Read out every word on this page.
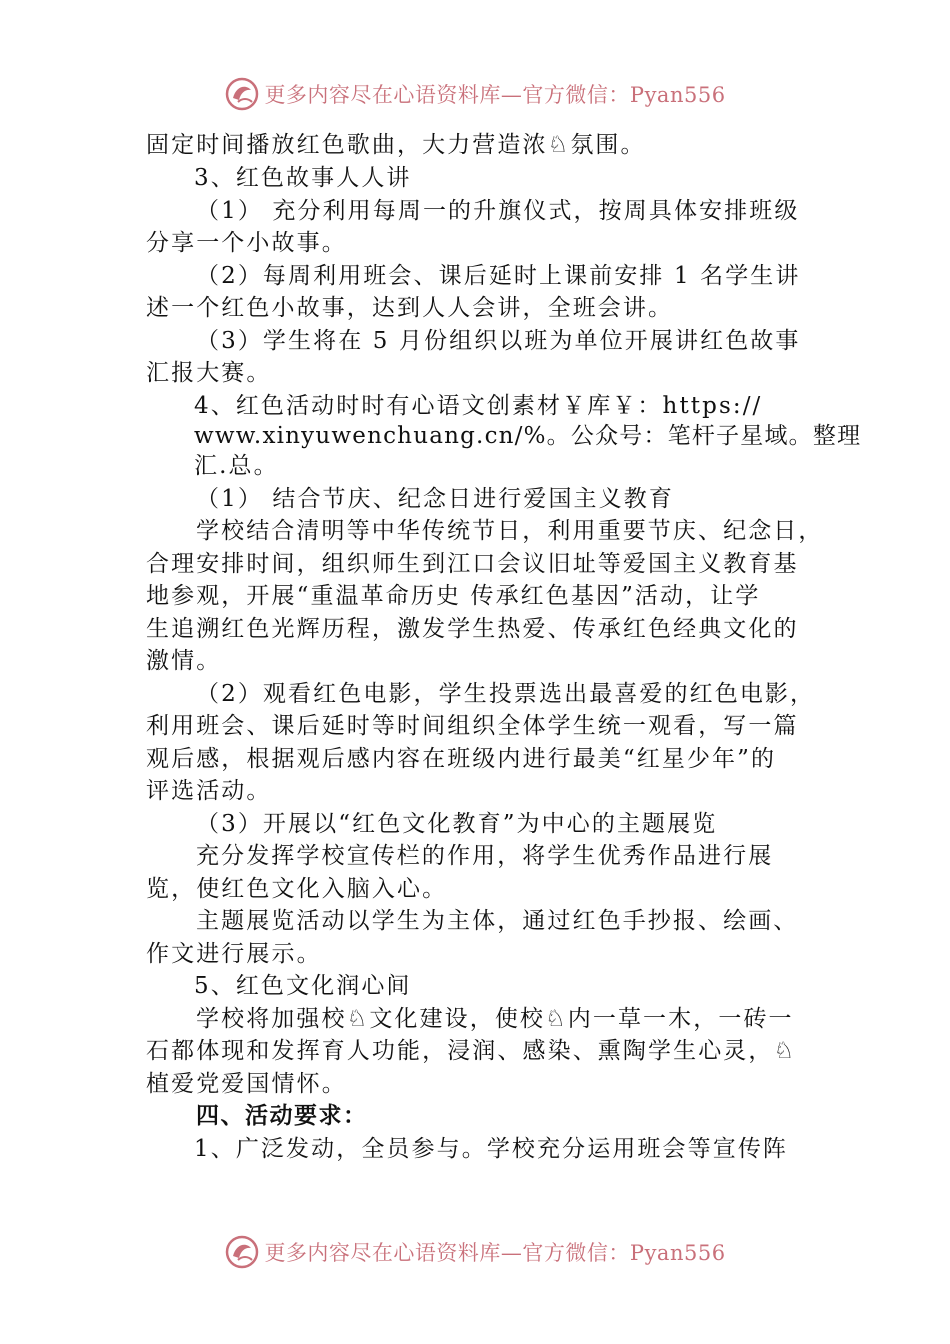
更多内容尽在心语资料库—官方微信：Pyan556
固定时间播放红色歌曲，大力营造浓♘氛围。
3、红色故事人人讲
（1） 充分利用每周一的升旗仪式，按周具体安排班级
分享一个小故事。
（2）每周利用班会、课后延时上课前安排 1 名学生讲
述一个红色小故事，达到人人会讲，全班会讲。
（3）学生将在 5 月份组织以班为单位开展讲红色故事
汇报大赛。
4、红色活动时时有心语文创素材￥库￥：https://
www.xinyuwenchuang.cn/%。公众号：笔杆子星域。整理
汇.总。
（1） 结合节庆、纪念日进行爱国主义教育
学校结合清明等中华传统节日，利用重要节庆、纪念日，
合理安排时间，组织师生到江口会议旧址等爱国主义教育基
地参观，开展“重温革命历史 传承红色基因”活动，让学
生追溯红色光辉历程，激发学生热爱、传承红色经典文化的
激情。
（2）观看红色电影，学生投票选出最喜爱的红色电影，
利用班会、课后延时等时间组织全体学生统一观看，写一篇
观后感，根据观后感内容在班级内进行最美“红星少年”的
评选活动。
（3）开展以“红色文化教育”为中心的主题展览
充分发挥学校宣传栏的作用，将学生优秀作品进行展
览，使红色文化入脑入心。
主题展览活动以学生为主体，通过红色手抄报、绘画、
作文进行展示。
5、红色文化润心间
学校将加强校♘文化建设，使校♘内一草一木，一砖一
石都体现和发挥育人功能，浸润、感染、熏陶学生心灵，♘
植爱党爱国情怀。
四、活动要求：
1、广泛发动，全员参与。学校充分运用班会等宣传阵
更多内容尽在心语资料库—官方微信：Pyan556
